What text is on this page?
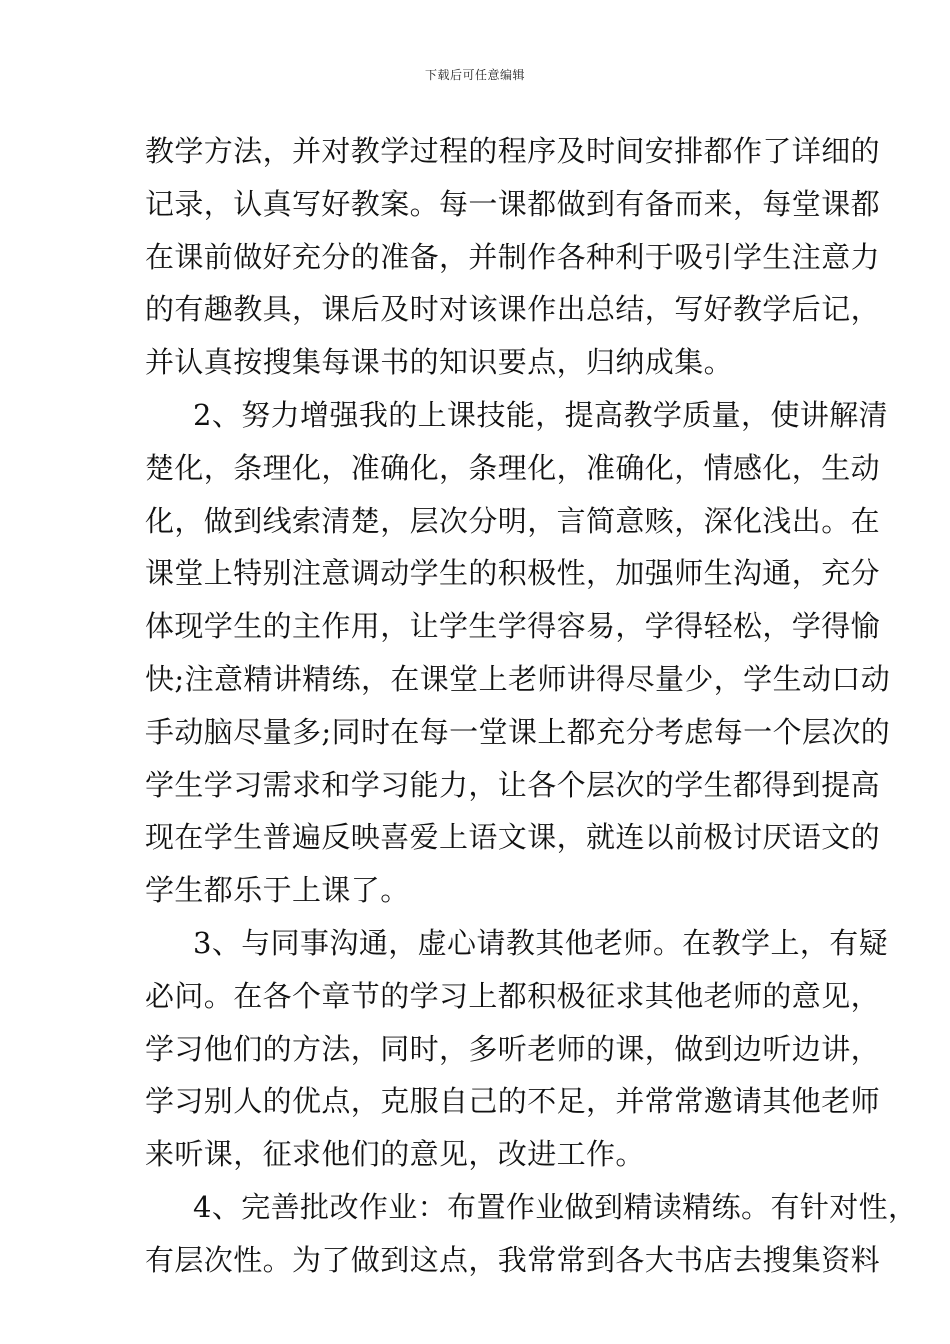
下载后可任意编辑
教学方法，并对教学过程的程序及时间安排都作了详细的
记录，认真写好教案。每一课都做到有备而来，每堂课都
在课前做好充分的准备，并制作各种利于吸引学生注意力
的有趣教具，课后及时对该课作出总结，写好教学后记，
并认真按搜集每课书的知识要点，归纳成集。
2、努力增强我的上课技能，提高教学质量，使讲解清
楚化，条理化，准确化，条理化，准确化，情感化，生动
化，做到线索清楚，层次分明，言简意赅，深化浅出。在
课堂上特别注意调动学生的积极性，加强师生沟通，充分
体现学生的主作用，让学生学得容易，学得轻松，学得愉
快;注意精讲精练，在课堂上老师讲得尽量少，学生动口动
手动脑尽量多;同时在每一堂课上都充分考虑每一个层次的
学生学习需求和学习能力，让各个层次的学生都得到提高
现在学生普遍反映喜爱上语文课，就连以前极讨厌语文的
学生都乐于上课了。
3、与同事沟通，虚心请教其他老师。在教学上，有疑
必问。在各个章节的学习上都积极征求其他老师的意见，
学习他们的方法，同时，多听老师的课，做到边听边讲，
学习别人的优点，克服自己的不足，并常常邀请其他老师
来听课，征求他们的意见，改进工作。
4、完善批改作业：布置作业做到精读精练。有针对性，
有层次性。为了做到这点，我常常到各大书店去搜集资料
